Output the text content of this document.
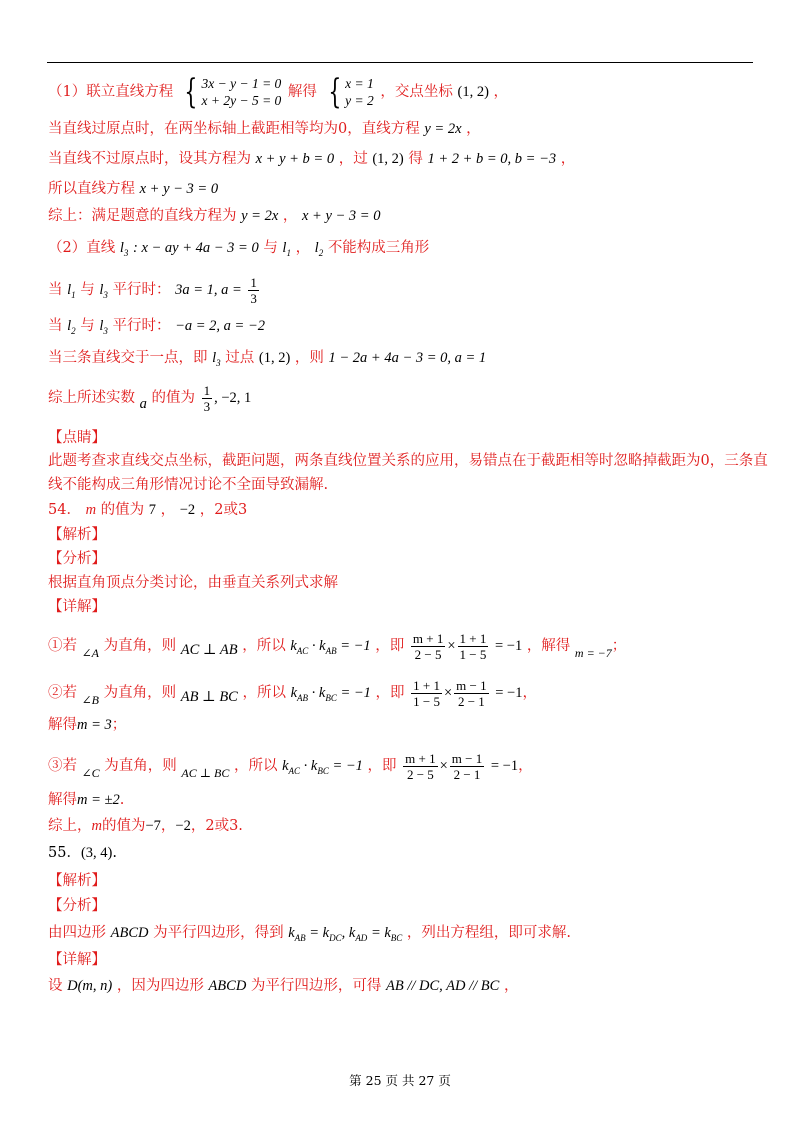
（1）联立直线方程 { 3x − y − 1 = 0
x + 2y − 5 = 0
解得 { x = 1
y = 2
，交点坐标 (1, 2) ，
当直线过原点时，在两坐标轴上截距相等均为0，直线方程 y = 2x ，
当直线不过原点时，设其方程为 x + y + b = 0 ，过 (1, 2) 得 1 + 2 + b = 0, b = −3 ，
所以直线方程 x + y − 3 = 0
综上：满足题意的直线方程为 y = 2x ， x + y − 3 = 0
（2）直线 $l_3$ : x − ay + 4a − 3 = 0 与 $l_1$ ， $l_2$ 不能构成三角形
当 $l_1$ 与 $l_3$ 平行时： 3a = 1, $a = \frac{1}{3}$
当 $l_2$ 与 $l_3$ 平行时： −a = 2, a = −2
当三条直线交于一点，即 $l_3$ 过点 (1, 2) ，则 1 − 2a + 4a − 3 = 0, a = 1
综上所述实数 a 的值为 $\frac{1}{3}$ , −2, 1
【点睛】
此题考查求直线交点坐标，截距问题，两条直线位置关系的应用，易错点在于截距相等时忽略掉截距为0，三条直
线不能构成三角形情况讨论不全面导致漏解.
54． m 的值为 7 ， −2 ，2或3
【解析】
【分析】
根据直角顶点分类讨论，由垂直关系列式求解
【详解】
①若 $_{\angle A}$ 为直角，则 AC ⊥ AB ，所以 $k_{AC} \cdot k_{AB} = -1$ ，即 $\frac{m + 1}{2 - 5} \times \frac{1 + 1}{1 - 5} = -1$ ，解得 $_{m = -7}$；
②若 $_{\angle B}$ 为直角，则 AB ⊥ BC ，所以 $k_{AB} \cdot k_{BC} = -1$ ，即 $\frac{1 + 1}{1 - 5} \times \frac{m - 1}{2 - 1} = -1$，
解得m = 3；
③若 $_{\angle C}$ 为直角，则 $_{AC \perp BC}$ ，所以 $k_{AC} \cdot k_{BC} = -1$ ，即 $\frac{m + 1}{2 - 5} \times \frac{m - 1}{2 - 1} = -1$，
解得m = ±2.
综上，m的值为−7，−2，2或3.
55．(3, 4).
【解析】
【分析】
由四边形 ABCD 为平行四边形，得到 $k_{AB} = k_{DC}$, $k_{AD} = k_{BC}$ ，列出方程组，即可求解.
【详解】
设 D(m, n) ，因为四边形 ABCD 为平行四边形，可得 AB // DC, AD // BC ，
第 25 页 共 27 页
